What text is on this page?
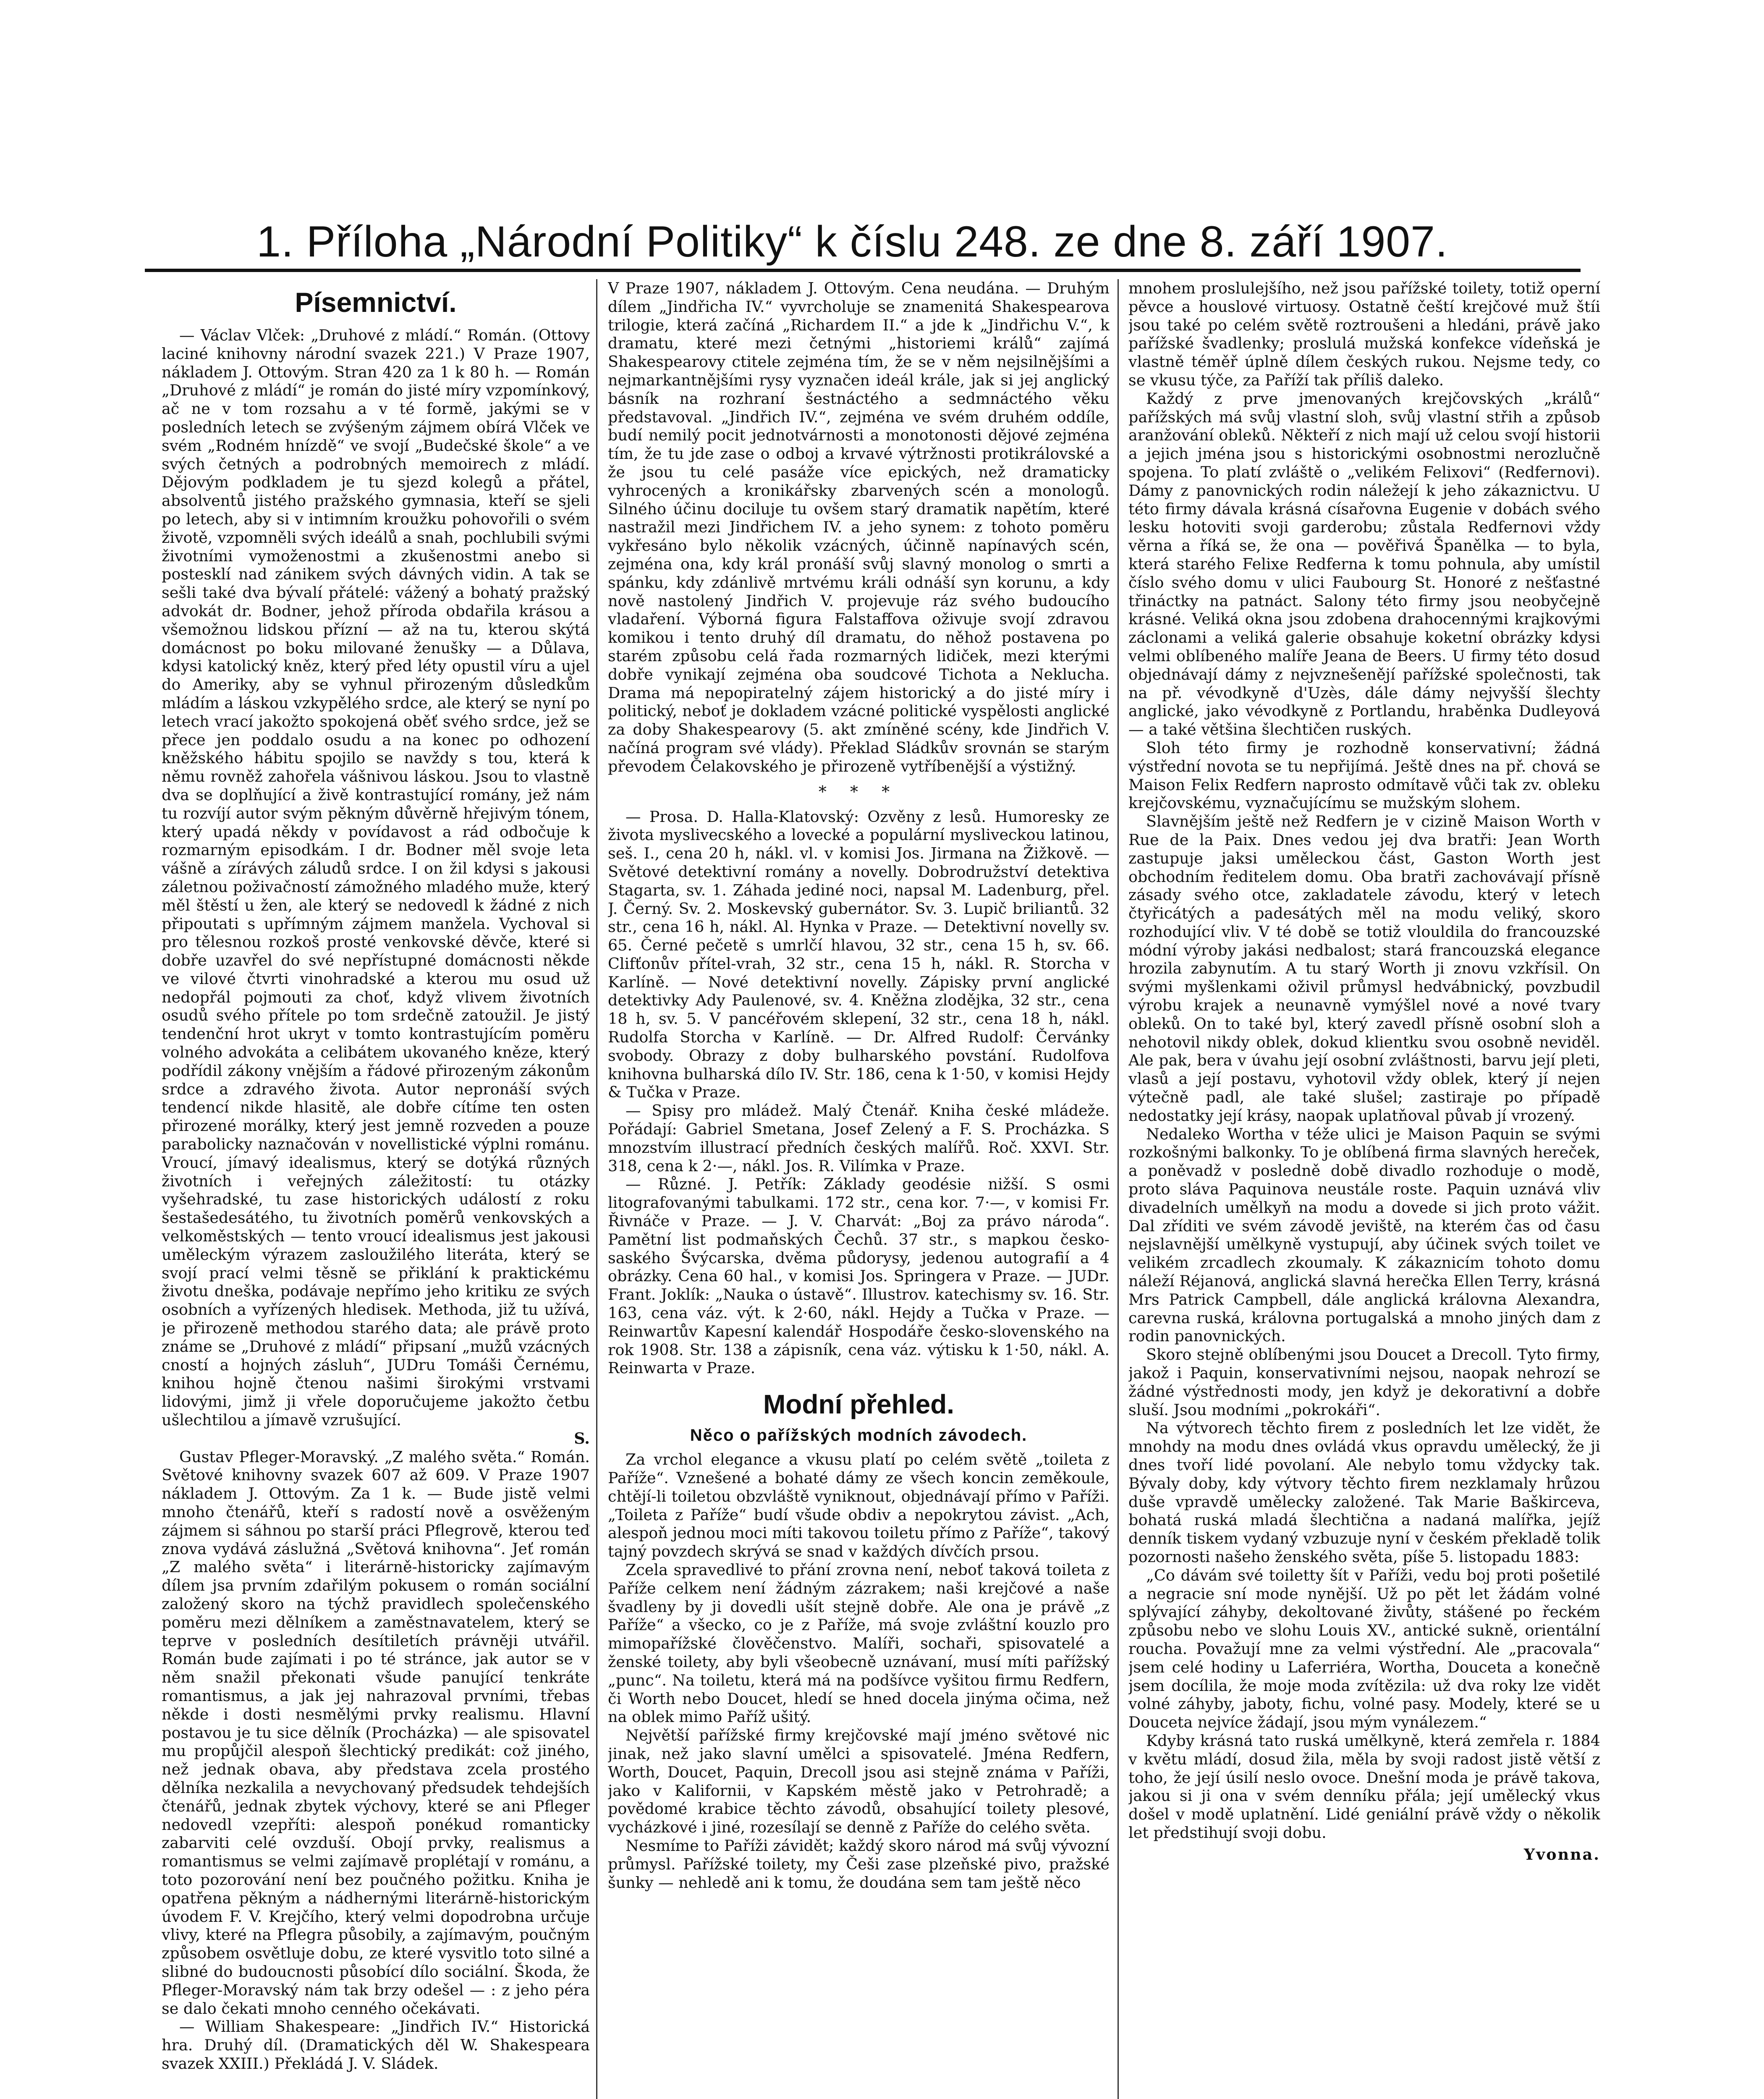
1. Příloha „Národní Politiky“ k číslu 248. ze dne 8. září 1907.
Písemnictví.

— Václav Vlček: „Druhové z mládí.“ Román. (Ottovy laciné knihovny národní svazek 221.) V Praze 1907, nákladem J. Ottovým. Stran 420 za 1 k 80 h. — Román „Druhové z mládí“ je román do jisté míry vzpomínkový, ač ne v tom rozsahu a v té formě, jakými se v posledních letech se zvýšeným zájmem obírá Vlček ve svém „Rodném hnízdě“ ve svojí „Budečské škole“ a ve svých četných a podrobných memoirech z mládí. Dějovým podkladem je tu sjezd kolegů a přátel, absolventů jistého pražského gymnasia, kteří se sjeli po letech, aby si v intimním kroužku pohovořili o svém životě, vzpomněli svých ideálů a snah, pochlubili svými životními vymoženostmi a zkušenostmi anebo si postesklí nad zánikem svých dávných vidin. A tak se sešli také dva bývalí přátelé: vážený a bohatý pražský advokát dr. Bodner, jehož příroda obdařila krásou a všemožnou lidskou přízní — až na tu, kterou skýtá domácnost po boku milované ženušky — a Důlava, kdysi katolický kněz, který před léty opustil víru a ujel do Ameriky, aby se vyhnul přirozeným důsledkům mládím a láskou vzkypělého srdce, ale který se nyní po letech vrací jakožto spokojená oběť svého srdce, jež se přece jen poddalo osudu a na konec po odhození kněžského hábitu spojilo se navždy s tou, která k němu rovněž zahořela vášnivou láskou. Jsou to vlastně dva se doplňující a živě kontrastující romány, jež nám tu rozvíjí autor svým pěkným důvěrně hřejivým tónem, který upadá někdy v povídavost a rád odbočuje k rozmarným episodkám. I dr. Bodner měl svoje leta vášně a zírávých záludů srdce. I on žil kdysi s jakousi záletnou poživačností zámožného mladého muže, který měl štěstí u žen, ale který se nedovedl k žádné z nich připoutati s upřímným zájmem manžela. Vychoval si pro tělesnou rozkoš prosté venkovské děvče, které si dobře uzavřel do své nepřístupné domácnosti někde ve vilové čtvrti vinohradské a kterou mu osud už nedopřál pojmouti za choť, když vlivem životních osudů svého přítele po tom srdečně zatoužil. Je jistý tendenční hrot ukryt v tomto kontrastujícím poměru volného advokáta a celibátem ukovaného kněze, který podřídil zákony vnějším a řádové přirozeným zákonům srdce a zdravého života. Autor nepronáší svých tendencí nikde hlasitě, ale dobře cítíme ten osten přirozené morálky, který jest jemně rozveden a pouze parabolicky naznačován v novellistické výplni románu. Vroucí, jímavý idealismus, který se dotýká různých životních i veřejných záležitostí: tu otázky vyšehradské, tu zase historických událostí z roku šestašedesátého, tu životních poměrů venkovských a velkoměstských — tento vroucí idealismus jest jakousi uměleckým výrazem zasloužilého literáta, který se svojí prací velmi těsně se přiklání k praktickému životu dneška, podávaje nepřímo jeho kritiku ze svých osobních a vyřízených hledisek. Methoda, již tu užívá, je přirozeně methodou starého data; ale právě proto známe se „Druhové z mládí“ připsaní „mužů vzácných cností a hojných zásluh“, JUDru Tomáši Černému, knihou hojně čtenou našimi širokými vrstvami lidovými, jimž ji vřele doporučujeme jakožto četbu ušlechtilou a jímavě vzrušující.

S.

Gustav Pfleger-Moravský. „Z malého světa.“ Román. Světové knihovny svazek 607 až 609. V Praze 1907 nákladem J. Ottovým. Za 1 k. — Bude jistě velmi mnoho čtenářů, kteří s radostí nově a osvěženým zájmem si sáhnou po starší práci Pflegrově, kterou teď znova vydává záslužná „Světová knihovna“. Jeť román „Z malého světa“ i literárně-historicky zajímavým dílem jsa prvním zdařilým pokusem o román sociální založený skoro na týchž pravidlech společenského poměru mezi dělníkem a zaměstnavatelem, který se teprve v posledních desítiletích právněji utvářil. Román bude zajímati i po té stránce, jak autor se v něm snažil překonati všude panující tenkráte romantismus, a jak jej nahrazoval prvními, třebas někde i dosti nesmělými prvky realismu. Hlavní postavou je tu sice dělník (Procházka) — ale spisovatel mu propůjčil alespoň šlechtický predikát: což jiného, než jednak obava, aby představa zcela prostého dělníka nezkalila a nevychovaný předsudek tehdejších čtenářů, jednak zbytek výchovy, které se ani Pfleger nedovedl vzepříti: alespoň ponékud romanticky zabarviti celé ovzduší. Obojí prvky, realismus a romantismus se velmi zajímavě proplétají v románu, a toto pozorování není bez poučného požitku. Kniha je opatřena pěkným a nádhernými literárně-historickým úvodem F. V. Krejčího, který velmi dopodrobna určuje vlivy, které na Pflegra působily, a zajímavým, poučným způsobem osvětluje dobu, ze které vysvitlo toto silné a slibné do budoucnosti působící dílo sociální. Škoda, že Pfleger-Moravský nám tak brzy odešel — : z jeho péra se dalo čekati mnoho cenného očekávati.

— William Shakespeare: „Jindřich IV.“ Historická hra. Druhý díl. (Dramatických děl W. Shakespeara svazek XXIII.) Překládá J. V. Sládek.

V Praze 1907, nákladem J. Ottovým. Cena neudána. — Druhým dílem „Jindřicha IV.“ vyvrcholuje se znamenitá Shakespearova trilogie, která začíná „Richardem II.“ a jde k „Jindřichu V.“, k dramatu, které mezi četnými „historiemi králů“ zajímá Shakespearovy ctitele zejména tím, že se v něm nejsilnějšími a nejmarkantnějšími rysy vyznačen ideál krále, jak si jej anglický básník na rozhraní šestnáctého a sedmnáctého věku představoval. „Jindřich IV.“, zejména ve svém druhém oddíle, budí nemilý pocit jednotvárnosti a monotonosti dějové zejména tím, že tu jde zase o odboj a krvavé výtržnosti protikrálovské a že jsou tu celé pasáže více epických, než dramaticky vyhrocených a kronikářsky zbarvených scén a monologů. Silného účinu dociluje tu ovšem starý dramatik napětím, které nastražil mezi Jindřichem IV. a jeho synem: z tohoto poměru vykřesáno bylo několik vzácných, účinně napínavých scén, zejména ona, kdy král pronáší svůj slavný monolog o smrti a spánku, kdy zdánlivě mrtvému králi odnáší syn korunu, a kdy nově nastolený Jindřich V. projevuje ráz svého budoucího vladaření. Výborná figura Falstaffova oživuje svojí zdravou komikou i tento druhý díl dramatu, do něhož postavena po starém způsobu celá řada rozmarných lidiček, mezi kterými dobře vynikají zejména oba soudcové Tichota a Neklucha. Drama má nepopiratelný zájem historický a do jisté míry i politický, neboť je dokladem vzácné politické vyspělosti anglické za doby Shakespearovy (5. akt zmíněné scény, kde Jindřich V. načíná program své vlády). Překlad Sládkův srovnán se starým převodem Čelakovského je přirozeně vytříbenější a výstižný.

* * *

— Prosa. D. Halla-Klatovský: Ozvěny z lesů. Humoresky ze života myslivecského a lovecké a populární mysliveckou latinou, seš. I., cena 20 h, nákl. vl. v komisi Jos. Jirmana na Žižkově. — Světové detektivní romány a novelly. Dobrodružství detektiva Stagarta, sv. 1. Záhada jediné noci, napsal M. Ladenburg, přel. J. Černý. Sv. 2. Moskevský gubernátor. Sv. 3. Lupič briliantů. 32 str., cena 16 h, nákl. Al. Hynka v Praze. — Detektivní novelly sv. 65. Černé pečetě s umrlčí hlavou, 32 str., cena 15 h, sv. 66. Clifťonův přítel-vrah, 32 str., cena 15 h, nákl. R. Storcha v Karlíně. — Nové detektivní novelly. Zápisky první anglické detektivky Ady Paulenové, sv. 4. Kněžna zlodějka, 32 str., cena 18 h, sv. 5. V pancéřovém sklepení, 32 str., cena 18 h, nákl. Rudolfa Storcha v Karlíně. — Dr. Alfred Rudolf: Červánky svobody. Obrazy z doby bulharského povstání. Rudolfova knihovna bulharská dílo IV. Str. 186, cena k 1·50, v komisi Hejdy & Tučka v Praze.

— Spisy pro mládež. Malý Čtenář. Kniha české mládeže. Pořádají: Gabriel Smetana, Josef Zelený a F. S. Procházka. S mnozstvím illustrací předních českých malířů. Roč. XXVI. Str. 318, cena k 2·—, nákl. Jos. R. Vilímka v Praze.

— Různé. J. Petřík: Základy geodésie nižší. S osmi litografovanými tabulkami. 172 str., cena kor. 7·—, v komisi Fr. Řivnáče v Praze. — J. V. Charvát: „Boj za právo národa“. Pamětní list podmaňských Čechů. 37 str., s mapkou česko-saského Švýcarska, dvěma půdorysy, jedenou autografií a 4 obrázky. Cena 60 hal., v komisi Jos. Springera v Praze. — JUDr. Frant. Joklík: „Nauka o ústavě“. Illustrov. katechismy sv. 16. Str. 163, cena váz. výt. k 2·60, nákl. Hejdy a Tučka v Praze. — Reinwartův Kapesní kalendář Hospodáře česko-slovenského na rok 1908. Str. 138 a zápisník, cena váz. výtisku k 1·50, nákl. A. Reinwarta v Praze.

Modní přehled.
Něco o pařížských modních závodech.

Za vrchol elegance a vkusu platí po celém světě „toileta z Paříže“. Vznešené a bohaté dámy ze všech koncin zeměkoule, chtějí-li toiletou obzvláště vyniknout, objednávají přímo v Paříži. „Toileta z Paříže“ budí všude obdiv a nepokrytou závist. „Ach, alespoň jednou moci míti takovou toiletu přímo z Paříže“, takový tajný povzdech skrývá se snad v každých dívčích prsou.

Zcela spravedlivé to přání zrovna není, neboť taková toileta z Paříže celkem není žádným zázrakem; naši krejčové a naše švadleny by ji dovedli ušít stejně dobře. Ale ona je právě „z Paříže“ a všecko, co je z Paříže, má svoje zvláštní kouzlo pro mimopařížské člověčenstvo. Malíři, sochaři, spisovatelé a ženské toilety, aby byli všeobecně uznávaní, musí míti pařížský „punc“. Na toiletu, která má na podšívce vyšitou firmu Redfern, či Worth nebo Doucet, hledí se hned docela jinýma očima, než na oblek mimo Paříž ušitý.

Největší pařížské firmy krejčovské mají jméno světové nic jinak, než jako slavní umělci a spisovatelé. Jména Redfern, Worth, Doucet, Paquin, Drecoll jsou asi stejně známa v Paříži, jako v Kalifornii, v Kapském městě jako v Petrohradě; a povědomé krabice těchto závodů, obsahující toilety plesové, vycházkové i jiné, rozesílají se denně z Paříže do celého světa.

Nesmíme to Paříži závidět; každý skoro národ má svůj vývozní průmysl. Pařížské toilety, my Češi zase plzeňské pivo, pražské šunky — nehledě ani k tomu, že doudána sem tam ještě něco

mnohem proslulejšího, než jsou pařížské toilety, totiž operní pěvce a houslové virtuosy. Ostatně čeští krejčové muž štíi jsou také po celém světě roztroušeni a hledáni, právě jako pařížské švadlenky; proslulá mužská konfekce vídeňská je vlastně téměř úplně dílem českých rukou. Nejsme tedy, co se vkusu týče, za Paříží tak příliš daleko.

Každý z prve jmenovaných krejčovských „králů“ pařížských má svůj vlastní sloh, svůj vlastní střih a způsob aranžování obleků. Někteří z nich mají už celou svojí historii a jejich jména jsou s historickými osobnostmi nerozlučně spojena. To platí zvláště o „velikém Felixovi“ (Redfernovi). Dámy z panovnických rodin náležejí k jeho zákaznictvu. U této firmy dávala krásná císařovna Eugenie v dobách svého lesku hotoviti svoji garderobu; zůstala Redfernovi vždy věrna a říká se, že ona — pověřivá Španělka — to byla, která starého Felixe Redferna k tomu pohnula, aby umístil číslo svého domu v ulici Faubourg St. Honoré z nešťastné třináctky na patnáct. Salony této firmy jsou neobyčejně krásné. Veliká okna jsou zdobena drahocennými krajkovými záclonami a veliká galerie obsahuje koketní obrázky kdysi velmi oblíbeného malíře Jeana de Beers. U firmy této dosud objednávají dámy z nejvznešenějí pařížské společnosti, tak na př. vévodkyně d'Uzès, dále dámy nejvyšší šlechty anglické, jako vévodkyně z Portlandu, hraběnka Dudleyová — a také většina šlechtičen ruských.

Sloh této firmy je rozhodně konservativní; žádná výstřední novota se tu nepřijímá. Ještě dnes na př. chová se Maison Felix Redfern naprosto odmítavě vůči tak zv. obleku krejčovskému, vyznačujícímu se mužským slohem.

Slavnějším ještě než Redfern je v cizině Maison Worth v Rue de la Paix. Dnes vedou jej dva bratři: Jean Worth zastupuje jaksi uměleckou část, Gaston Worth jest obchodním ředitelem domu. Oba bratři zachovávají přísně zásady svého otce, zakladatele závodu, který v letech čtyřicátých a padesátých měl na modu veliký, skoro rozhodující vliv. V té době se totiž vlouldila do francouzské módní výroby jakási nedbalost; stará francouzská elegance hrozila zabynutím. A tu starý Worth ji znovu vzkřísil. On svými myšlenkami oživil průmysl hedvábnický, povzbudil výrobu krajek a neunavně vymýšlel nové a nové tvary obleků. On to také byl, který zavedl přísně osobní sloh a nehotovil nikdy oblek, dokud klientku svou osobně neviděl. Ale pak, bera v úvahu její osobní zvláštnosti, barvu její pleti, vlasů a její postavu, vyhotovil vždy oblek, který jí nejen výtečně padl, ale také slušel; zastiraje po případě nedostatky její krásy, naopak uplatňoval půvab jí vrozený.

Nedaleko Wortha v téže ulici je Maison Paquin se svými rozkošnými balkonky. To je oblíbená firma slavných hereček, a poněvadž v posledně době divadlo rozhoduje o modě, proto sláva Paquinova neustále roste. Paquin uznává vliv divadelních umělkyň na modu a dovede si jich proto vážit. Dal zříditi ve svém závodě jeviště, na kterém čas od času nejslavnější umělkyně vystupují, aby účinek svých toilet ve velikém zrcadlech zkoumaly. K zákaznicím tohoto domu náleží Réjanová, anglická slavná herečka Ellen Terry, krásná Mrs Patrick Campbell, dále anglická královna Alexandra, carevna ruská, královna portugalská a mnoho jiných dam z rodin panovnických.

Skoro stejně oblíbenými jsou Doucet a Drecoll. Tyto firmy, jakož i Paquin, konservativními nejsou, naopak nehrozí se žádné výstřednosti mody, jen když je dekorativní a dobře sluší. Jsou modními „pokrokáři“.

Na výtvorech těchto firem z posledních let lze vidět, že mnohdy na modu dnes ovládá vkus opravdu umělecký, že ji dnes tvoří lidé povolaní. Ale nebylo tomu vždycky tak. Bývaly doby, kdy výtvory těchto firem nezklamaly hrůzou duše vpravdě umělecky založené. Tak Marie Baškirceva, bohatá ruská mladá šlechtična a nadaná malířka, jejíž denník tiskem vydaný vzbuzuje nyní v českém překladě tolik pozornosti našeho ženského světa, píše 5. listopadu 1883:

„Co dávám své toiletty šít v Paříži, vedu boj proti pošetilé a negracie sní mode nynější. Už po pět let žádám volné splývající záhyby, dekoltované živůty, stášené po řeckém způsobu nebo ve slohu Louis XV., antické sukně, orientální roucha. Považují mne za velmi výstřední. Ale „pracovala“ jsem celé hodiny u Laferriéra, Wortha, Douceta a konečně jsem docílila, že moje moda zvítězila: už dva roky lze vidět volné záhyby, jaboty, fichu, volné pasy. Modely, které se u Douceta nejvíce žádají, jsou mým vynálezem.“

Kdyby krásná tato ruská umělkyně, která zemřela r. 1884 v květu mládí, dosud žila, měla by svoji radost jistě větší z toho, že její úsilí neslo ovoce. Dnešní moda je právě takova, jakou si ji ona v svém denníku přála; její umělecký vkus došel v modě uplatnění. Lidé geniální právě vždy o několik let předstihují svoji dobu.

Yvonna.
